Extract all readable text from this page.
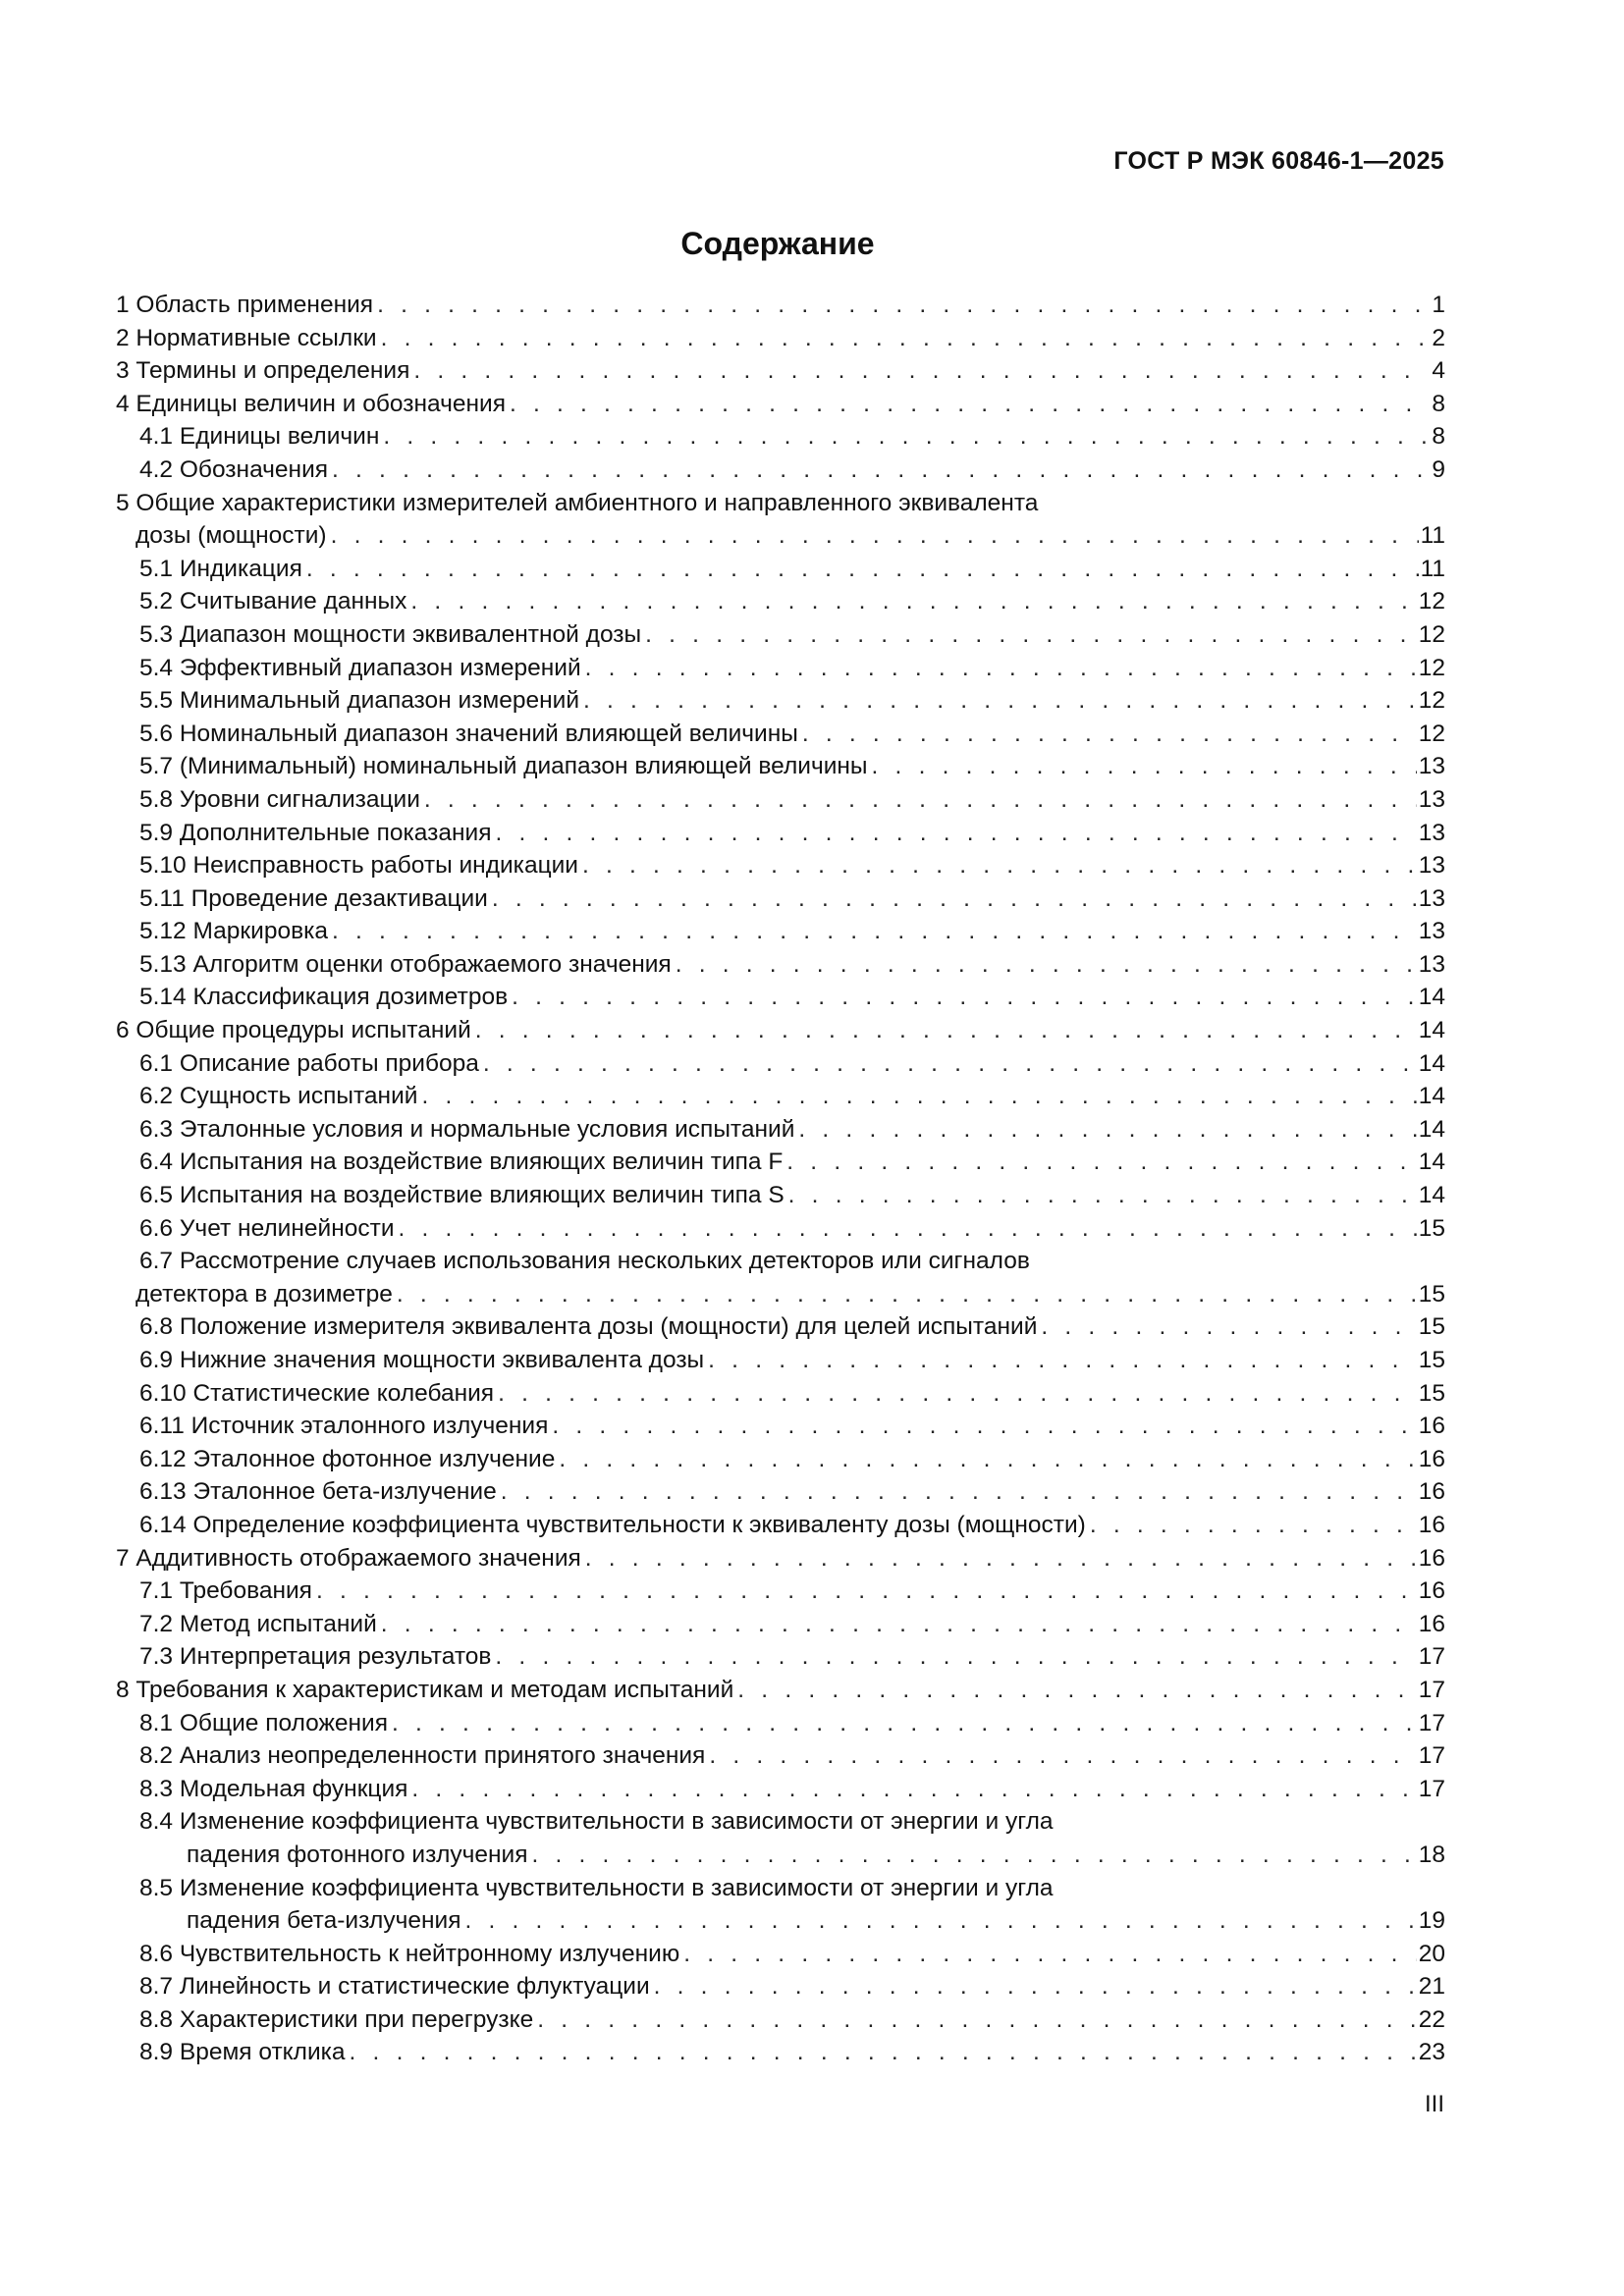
ГОСТ Р МЭК 60846-1—2025
Содержание
1 Область применения . . .	1
2 Нормативные ссылки . . .	2
3 Термины и определения . . .	4
4 Единицы величин и обозначения . . .	8
4.1 Единицы величин . . .	8
4.2 Обозначения . . .	9
5 Общие характеристики измерителей амбиентного и направленного эквивалента
дозы (мощности) . . .	11
5.1 Индикация . . .	11
5.2 Считывание данных . . .	12
5.3 Диапазон мощности эквивалентной дозы . . .	12
5.4 Эффективный диапазон измерений . . .	12
5.5 Минимальный диапазон измерений . . .	12
5.6 Номинальный диапазон значений влияющей величины . . .	12
5.7 (Минимальный) номинальный диапазон влияющей величины . . .	13
5.8 Уровни сигнализации . . .	13
5.9 Дополнительные показания . . .	13
5.10 Неисправность работы индикации . . .	13
5.11 Проведение дезактивации . . .	13
5.12 Маркировка . . .	13
5.13 Алгоритм оценки отображаемого значения . . .	13
5.14 Классификация дозиметров . . .	14
6 Общие процедуры испытаний . . .	14
6.1 Описание работы прибора . . .	14
6.2 Сущность испытаний . . .	14
6.3 Эталонные условия и нормальные условия испытаний . . .	14
6.4 Испытания на воздействие влияющих величин типа F . . .	14
6.5 Испытания на воздействие влияющих величин типа S . . .	14
6.6 Учет нелинейности . . .	15
6.7 Рассмотрение случаев использования нескольких детекторов или сигналов
детектора в дозиметре . . .	15
6.8 Положение измерителя эквивалента дозы (мощности) для целей испытаний . . .	15
6.9 Нижние значения мощности эквивалента дозы . . .	15
6.10 Статистические колебания . . .	15
6.11 Источник эталонного излучения . . .	16
6.12 Эталонное фотонное излучение . . .	16
6.13 Эталонное бета-излучение . . .	16
6.14 Определение коэффициента чувствительности к эквиваленту дозы (мощности) . . .	16
7 Аддитивность отображаемого значения . . .	16
7.1 Требования . . .	16
7.2 Метод испытаний . . .	16
7.3 Интерпретация результатов . . .	17
8 Требования к характеристикам и методам испытаний . . .	17
8.1 Общие положения . . .	17
8.2 Анализ неопределенности принятого значения . . .	17
8.3 Модельная функция . . .	17
8.4 Изменение коэффициента чувствительности в зависимости от энергии и угла
падения фотонного излучения . . .	18
8.5 Изменение коэффициента чувствительности в зависимости от энергии и угла
падения бета-излучения . . .	19
8.6 Чувствительность к нейтронному излучению . . .	20
8.7 Линейность и статистические флуктуации . . .	21
8.8 Характеристики при перегрузке . . .	22
8.9 Время отклика . . .	23
III
